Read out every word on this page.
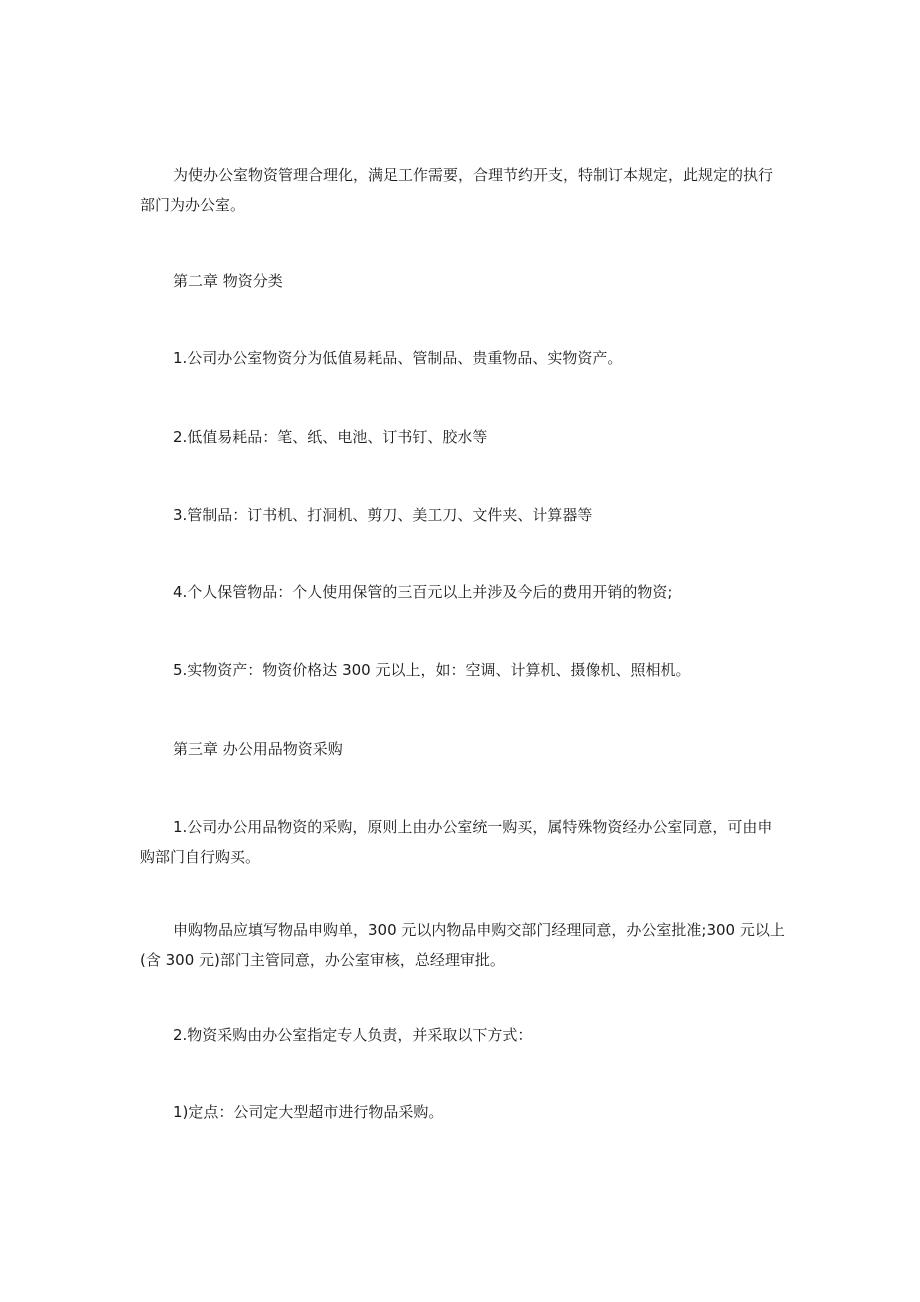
为使办公室物资管理合理化，满足工作需要，合理节约开支，特制订本规定，此规定的执行部门为办公室。

第二章 物资分类

1.公司办公室物资分为低值易耗品、管制品、贵重物品、实物资产。

2.低值易耗品：笔、纸、电池、订书钉、胶水等

3.管制品：订书机、打洞机、剪刀、美工刀、文件夹、计算器等

4.个人保管物品：个人使用保管的三百元以上并涉及今后的费用开销的物资;

5.实物资产：物资价格达 300 元以上，如：空调、计算机、摄像机、照相机。

第三章 办公用品物资采购

1.公司办公用品物资的采购，原则上由办公室统一购买，属特殊物资经办公室同意，可由申购部门自行购买。

申购物品应填写物品申购单，300 元以内物品申购交部门经理同意，办公室批准;300 元以上(含 300 元)部门主管同意，办公室审核，总经理审批。

2.物资采购由办公室指定专人负责，并采取以下方式：

1)定点：公司定大型超市进行物品采购。
